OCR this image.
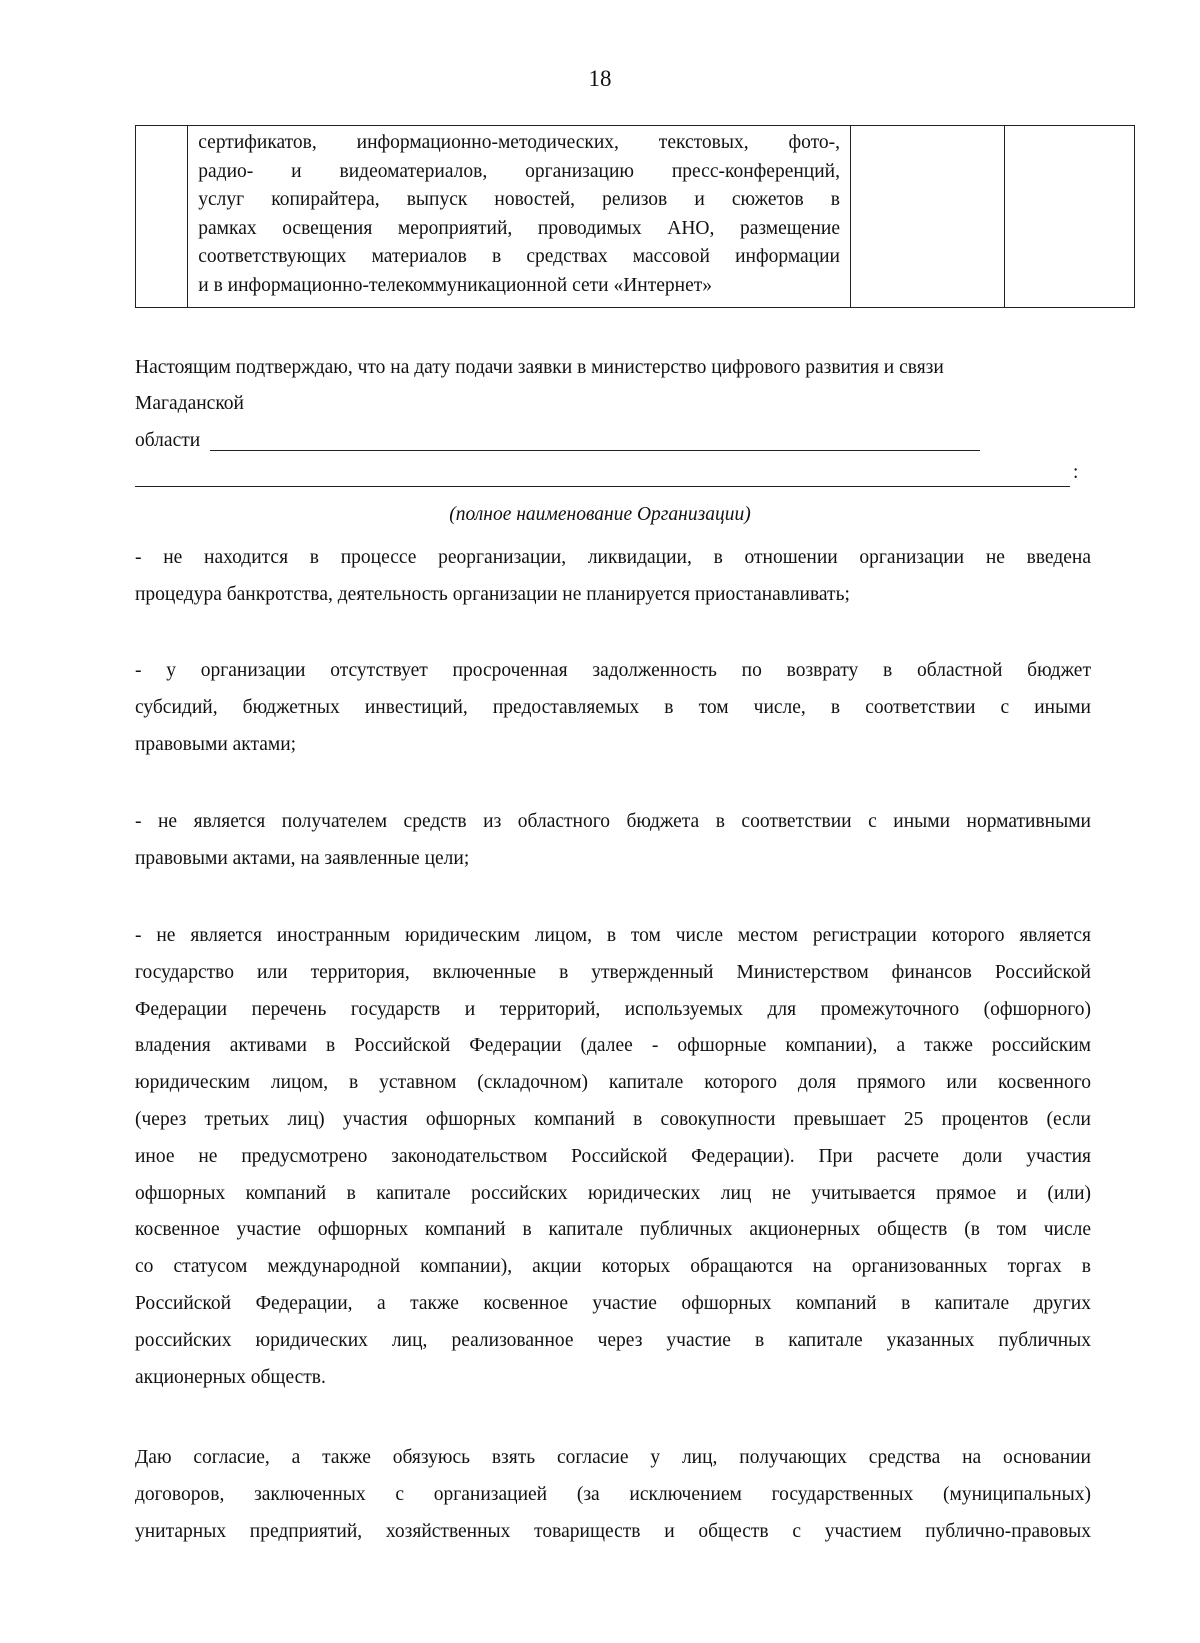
18

сертификатов, информационно-методических, текстовых, фото-,
радио- и видеоматериалов, организацию пресс-конференций,
услуг копирайтера, выпуск новостей, релизов и сюжетов в
рамках освещения мероприятий, проводимых АНО, размещение
соответствующих материалов в средствах массовой информации
и в информационно-телекоммуникационной сети «Интернет»

Настоящим подтверждаю, что на дату подачи заявки в министерство цифрового развития и связи
Магаданской
области
:
(полное наименование Организации)
- не находится в процессе реорганизации, ликвидации, в отношении организации не введена
процедура банкротства, деятельность организации не планируется приостанавливать;
- у организации отсутствует просроченная задолженность по возврату в областной бюджет
субсидий, бюджетных инвестиций, предоставляемых в том числе, в соответствии с иными
правовыми актами;
- не является получателем средств из областного бюджета в соответствии с иными нормативными
правовыми актами, на заявленные цели;
- не является иностранным юридическим лицом, в том числе местом регистрации которого является
государство или территория, включенные в утвержденный Министерством финансов Российской
Федерации перечень государств и территорий, используемых для промежуточного (офшорного)
владения активами в Российской Федерации (далее - офшорные компании), а также российским
юридическим лицом, в уставном (складочном) капитале которого доля прямого или косвенного
(через третьих лиц) участия офшорных компаний в совокупности превышает 25 процентов (если
иное не предусмотрено законодательством Российской Федерации). При расчете доли участия
офшорных компаний в капитале российских юридических лиц не учитывается прямое и (или)
косвенное участие офшорных компаний в капитале публичных акционерных обществ (в том числе
со статусом международной компании), акции которых обращаются на организованных торгах в
Российской Федерации, а также косвенное участие офшорных компаний в капитале других
российских юридических лиц, реализованное через участие в капитале указанных публичных
акционерных обществ.
Даю согласие, а также обязуюсь взять согласие у лиц, получающих средства на основании
договоров, заключенных с организацией (за исключением государственных (муниципальных)
унитарных предприятий, хозяйственных товариществ и обществ с участием публично-правовых
